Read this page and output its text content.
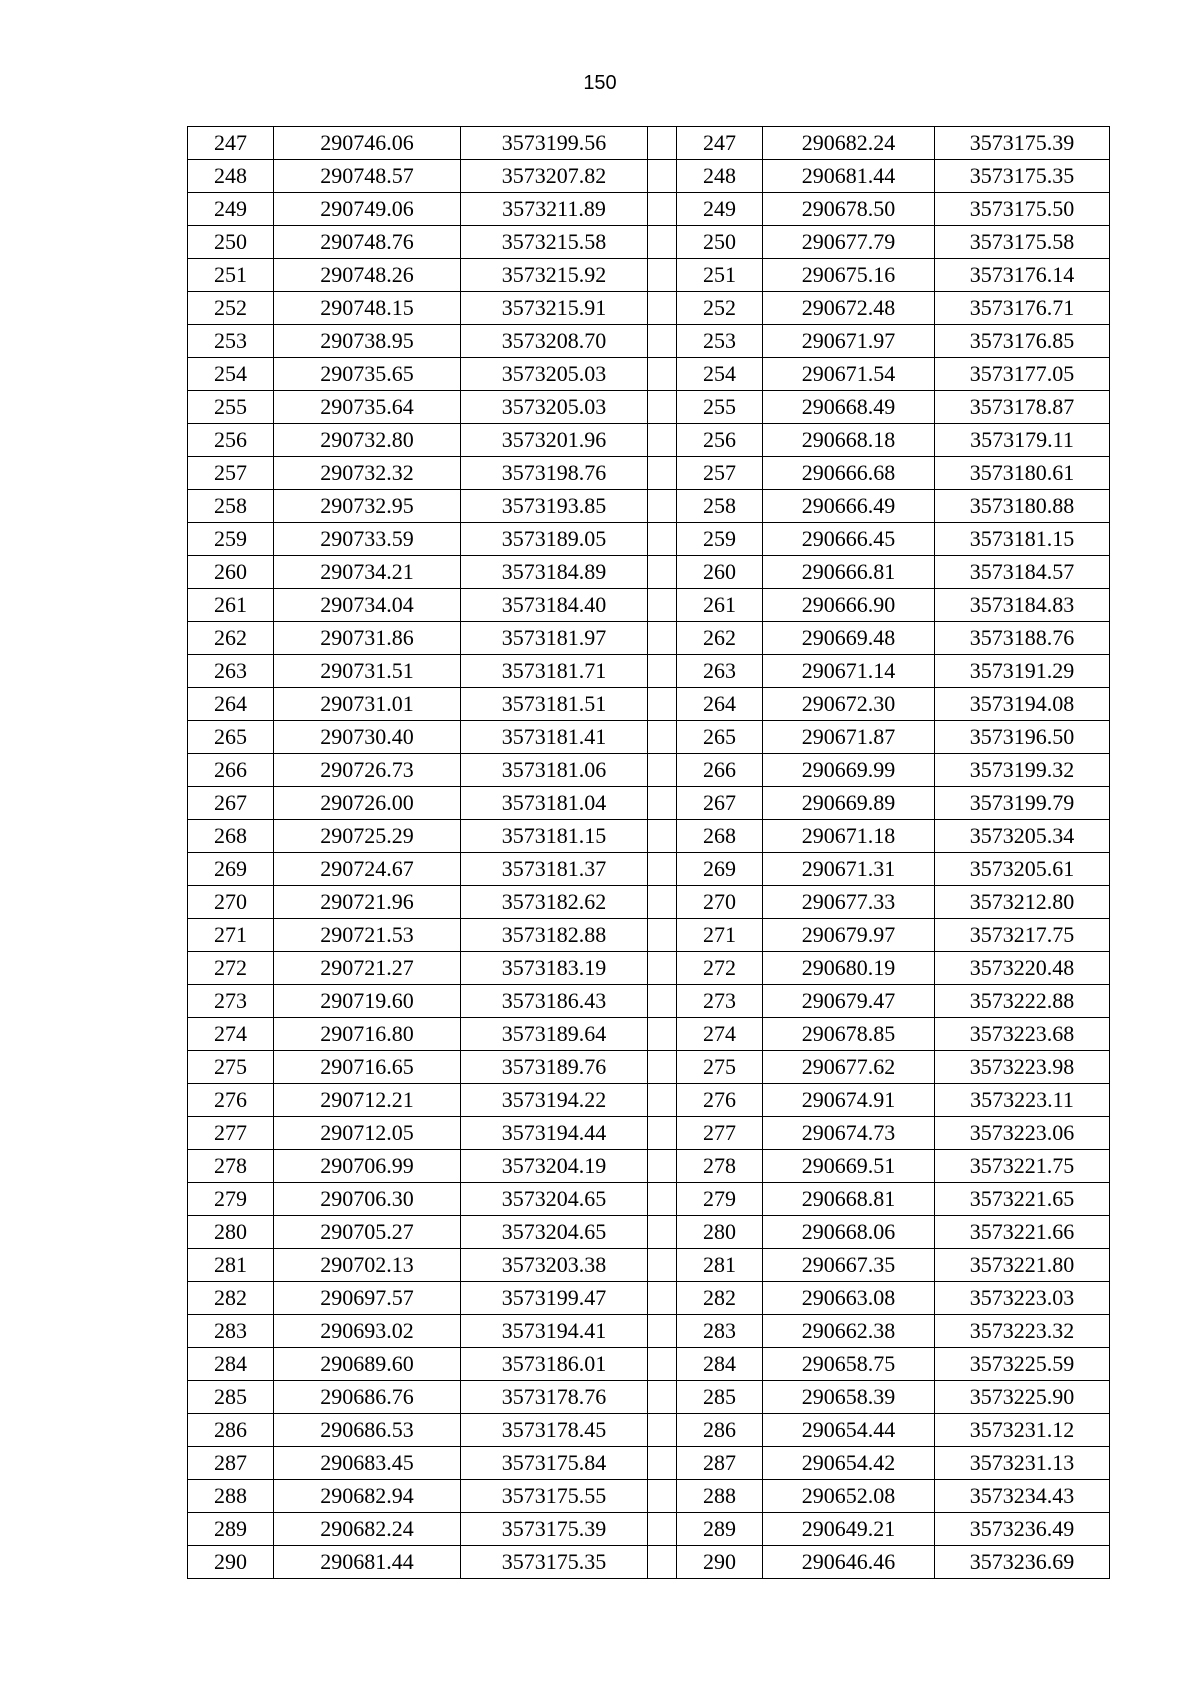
150
247	290746.06	3573199.56		247	290682.24	3573175.39
248	290748.57	3573207.82		248	290681.44	3573175.35
249	290749.06	3573211.89		249	290678.50	3573175.50
250	290748.76	3573215.58		250	290677.79	3573175.58
251	290748.26	3573215.92		251	290675.16	3573176.14
252	290748.15	3573215.91		252	290672.48	3573176.71
253	290738.95	3573208.70		253	290671.97	3573176.85
254	290735.65	3573205.03		254	290671.54	3573177.05
255	290735.64	3573205.03		255	290668.49	3573178.87
256	290732.80	3573201.96		256	290668.18	3573179.11
257	290732.32	3573198.76		257	290666.68	3573180.61
258	290732.95	3573193.85		258	290666.49	3573180.88
259	290733.59	3573189.05		259	290666.45	3573181.15
260	290734.21	3573184.89		260	290666.81	3573184.57
261	290734.04	3573184.40		261	290666.90	3573184.83
262	290731.86	3573181.97		262	290669.48	3573188.76
263	290731.51	3573181.71		263	290671.14	3573191.29
264	290731.01	3573181.51		264	290672.30	3573194.08
265	290730.40	3573181.41		265	290671.87	3573196.50
266	290726.73	3573181.06		266	290669.99	3573199.32
267	290726.00	3573181.04		267	290669.89	3573199.79
268	290725.29	3573181.15		268	290671.18	3573205.34
269	290724.67	3573181.37		269	290671.31	3573205.61
270	290721.96	3573182.62		270	290677.33	3573212.80
271	290721.53	3573182.88		271	290679.97	3573217.75
272	290721.27	3573183.19		272	290680.19	3573220.48
273	290719.60	3573186.43		273	290679.47	3573222.88
274	290716.80	3573189.64		274	290678.85	3573223.68
275	290716.65	3573189.76		275	290677.62	3573223.98
276	290712.21	3573194.22		276	290674.91	3573223.11
277	290712.05	3573194.44		277	290674.73	3573223.06
278	290706.99	3573204.19		278	290669.51	3573221.75
279	290706.30	3573204.65		279	290668.81	3573221.65
280	290705.27	3573204.65		280	290668.06	3573221.66
281	290702.13	3573203.38		281	290667.35	3573221.80
282	290697.57	3573199.47		282	290663.08	3573223.03
283	290693.02	3573194.41		283	290662.38	3573223.32
284	290689.60	3573186.01		284	290658.75	3573225.59
285	290686.76	3573178.76		285	290658.39	3573225.90
286	290686.53	3573178.45		286	290654.44	3573231.12
287	290683.45	3573175.84		287	290654.42	3573231.13
288	290682.94	3573175.55		288	290652.08	3573234.43
289	290682.24	3573175.39		289	290649.21	3573236.49
290	290681.44	3573175.35		290	290646.46	3573236.69
